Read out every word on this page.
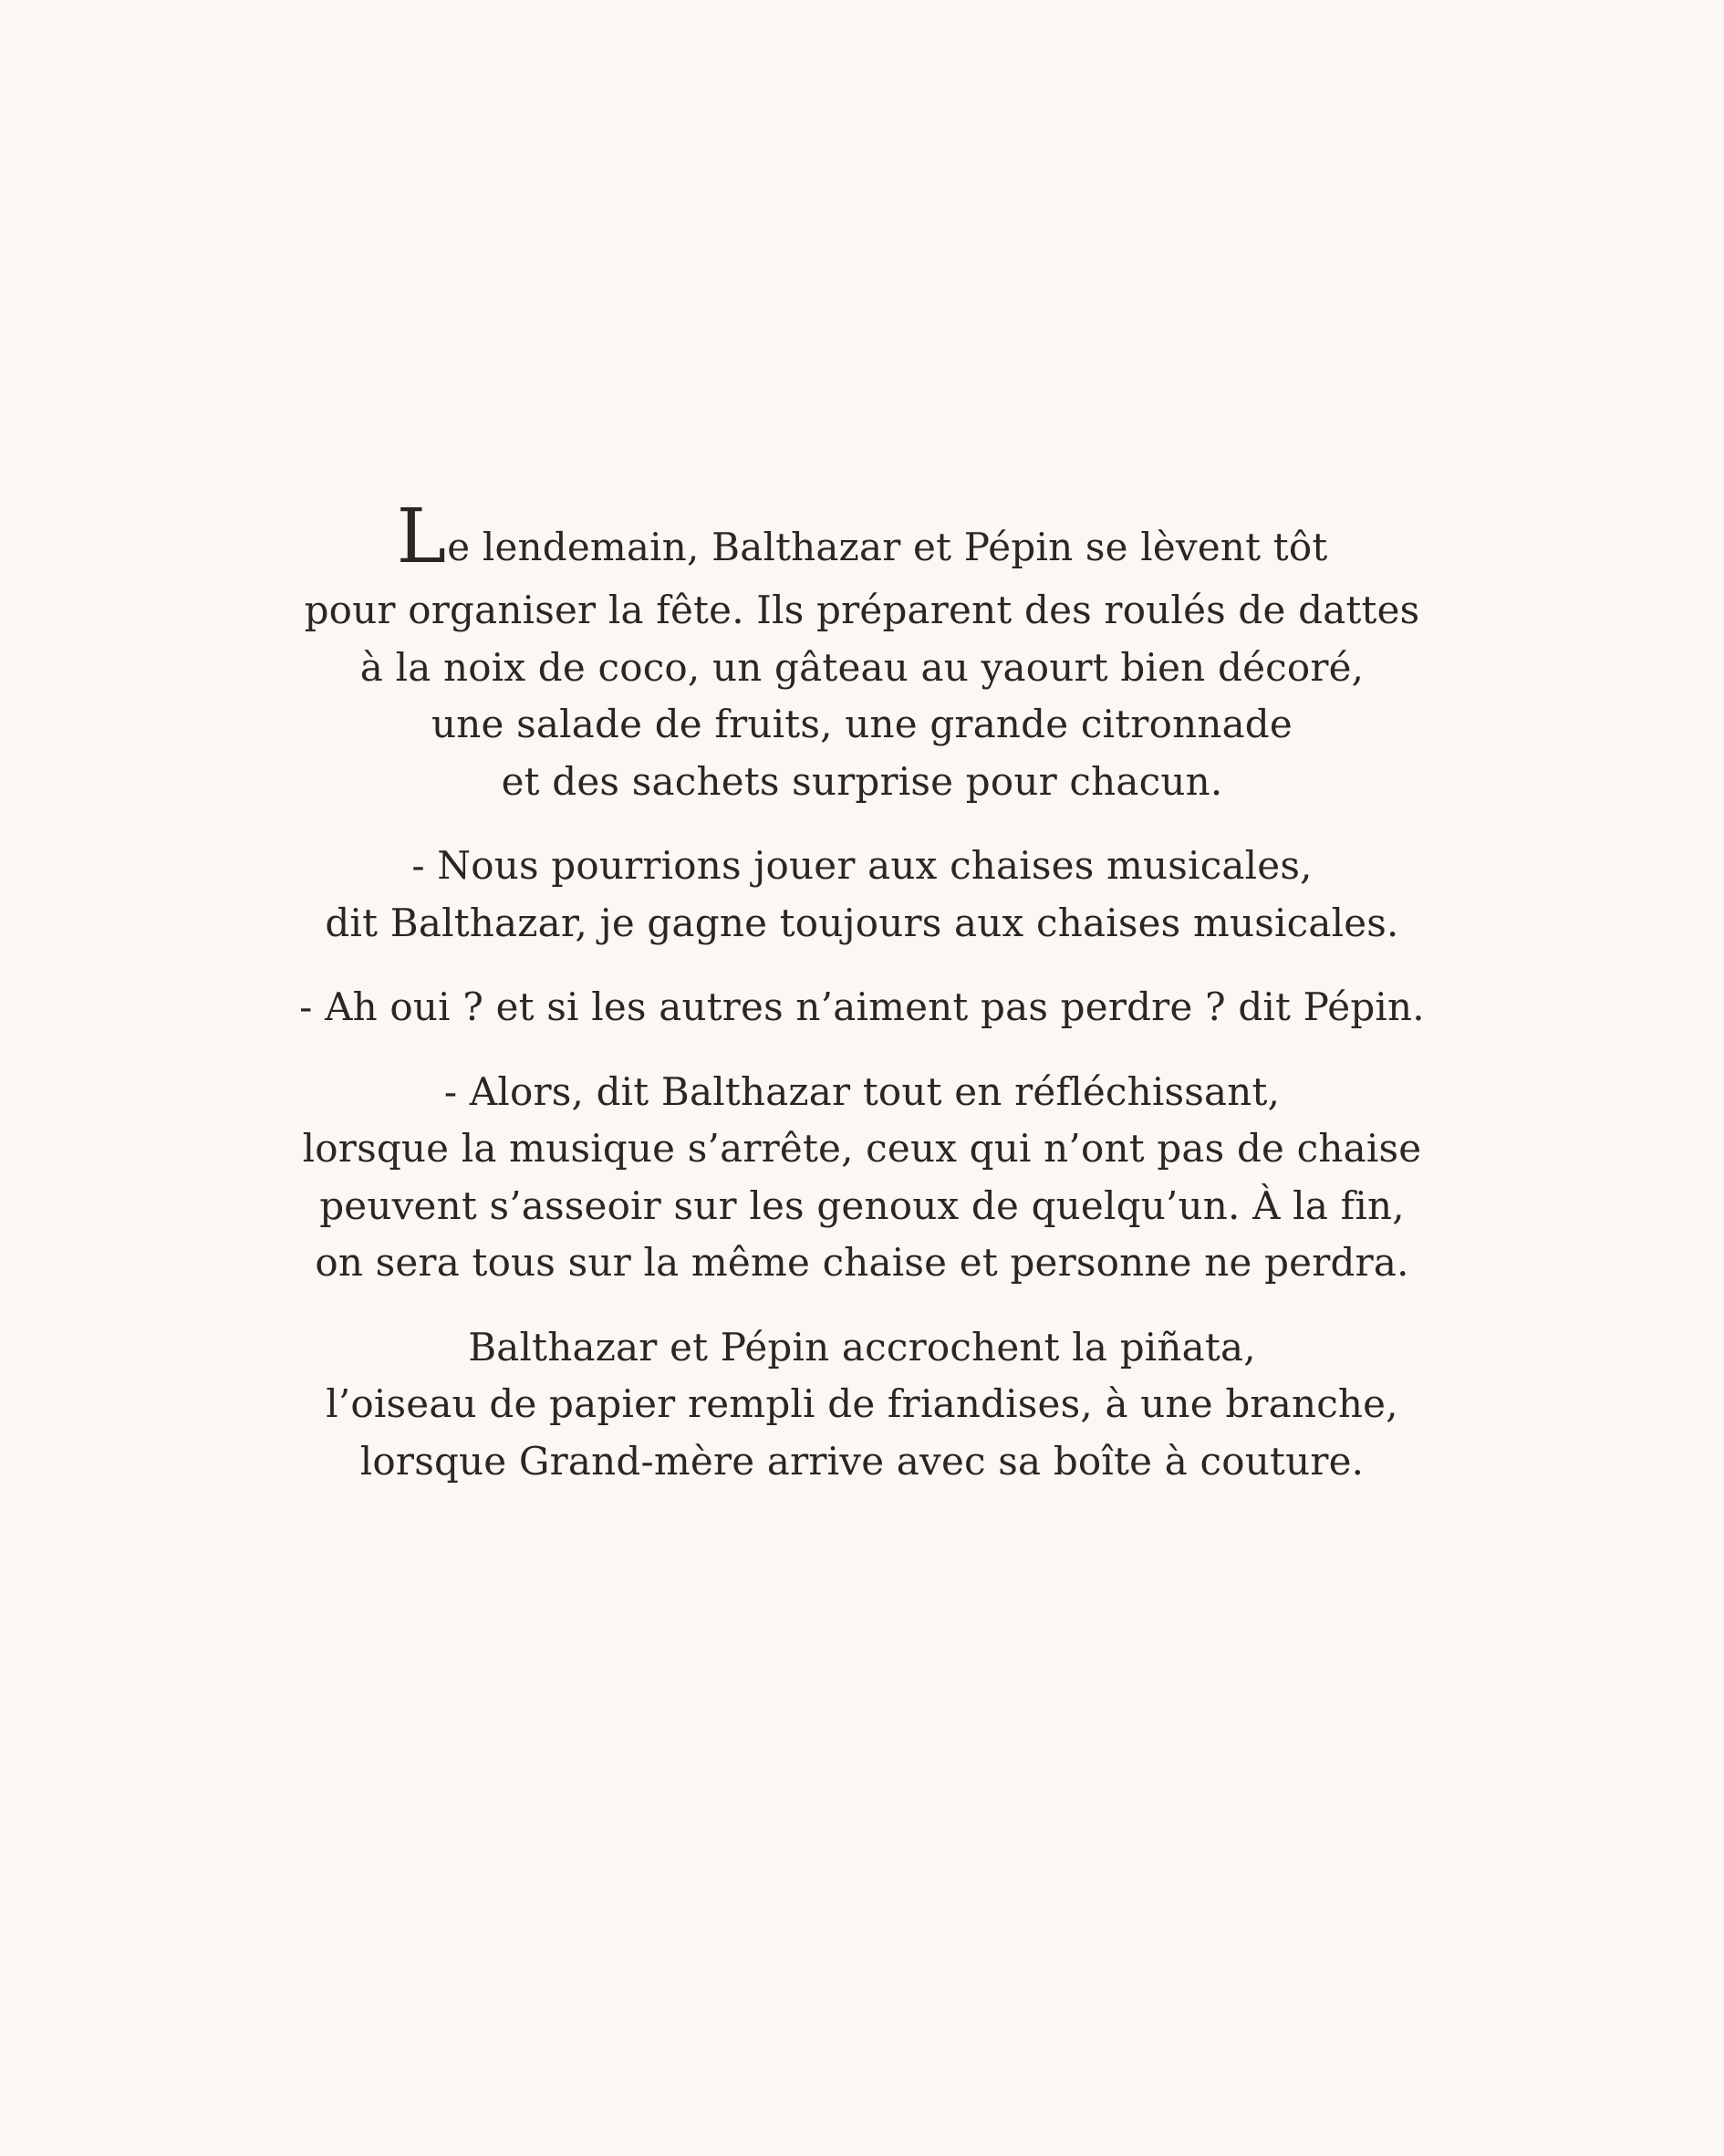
Le lendemain, Balthazar et Pépin se lèvent tôt
pour organiser la fête. Ils préparent des roulés de dattes
à la noix de coco, un gâteau au yaourt bien décoré,
une salade de fruits, une grande citronnade
et des sachets surprise pour chacun.
- Nous pourrions jouer aux chaises musicales,
dit Balthazar, je gagne toujours aux chaises musicales.
- Ah oui ? et si les autres n’aiment pas perdre ? dit Pépin.
- Alors, dit Balthazar tout en réfléchissant,
lorsque la musique s’arrête, ceux qui n’ont pas de chaise
peuvent s’asseoir sur les genoux de quelqu’un. À la fin,
on sera tous sur la même chaise et personne ne perdra.
Balthazar et Pépin accrochent la piñata,
l’oiseau de papier rempli de friandises, à une branche,
lorsque Grand-mère arrive avec sa boîte à couture.
